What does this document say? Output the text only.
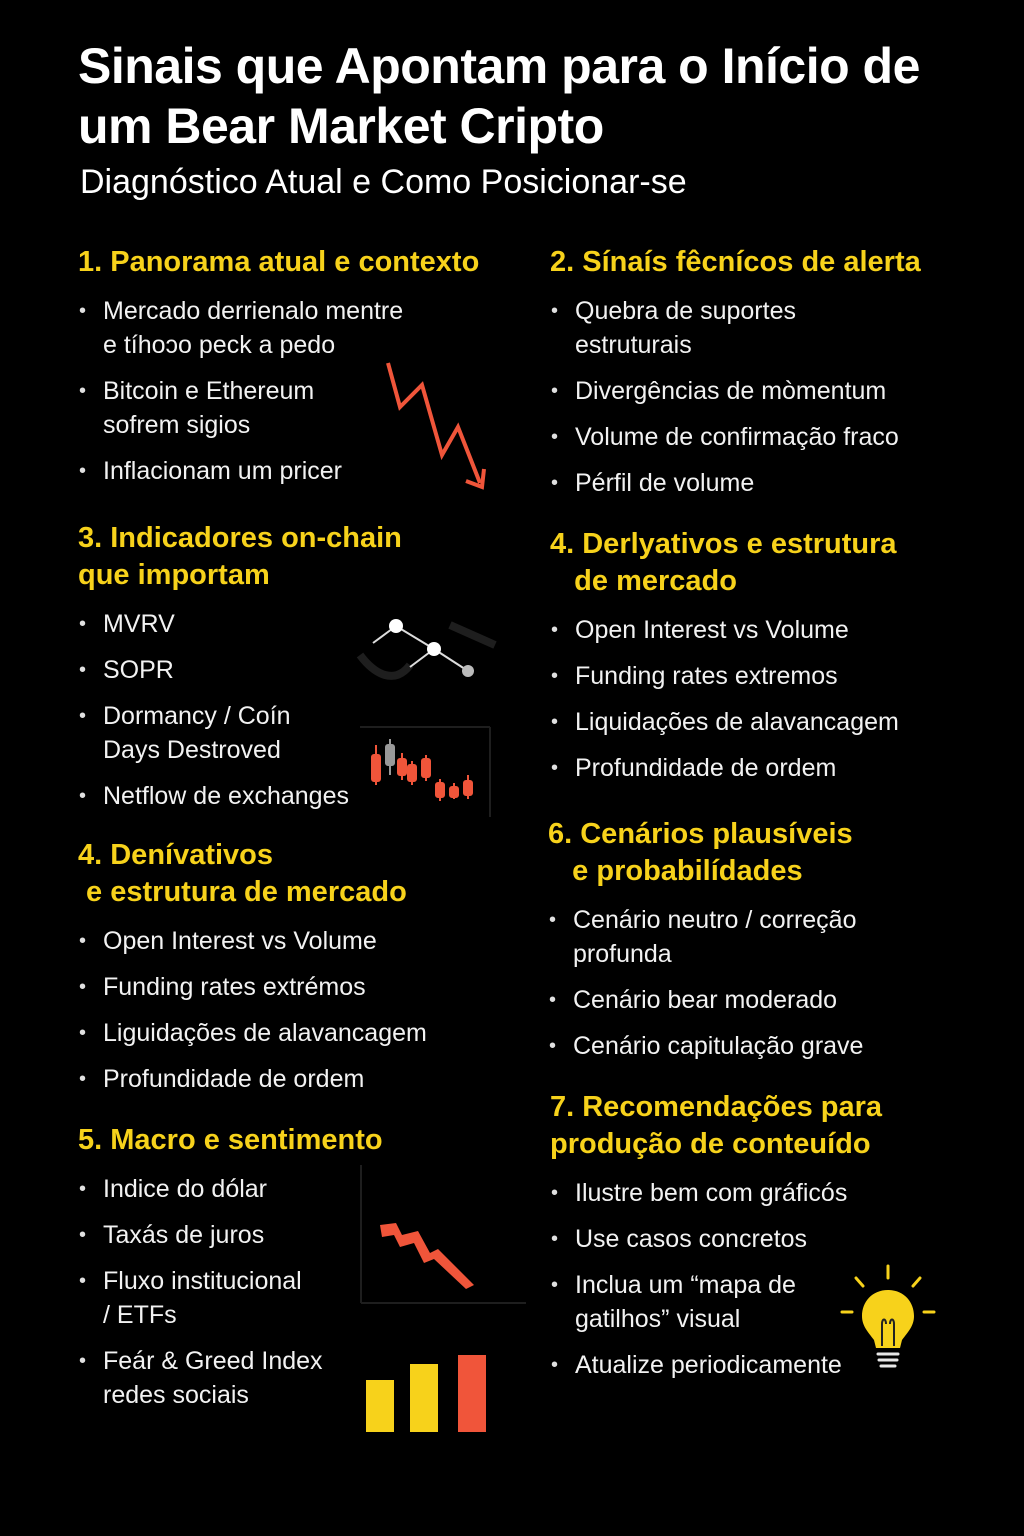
Sinais que Apontam para o Início de
um Bear Market Cripto
Diagnóstico Atual e Como Posicionar-se
1. Panorama atual e contexto
• Mercado derrienalo mentre
e tíhoɔo peck a pedo
• Bitcoin e Ethereum
sofrem sigios
• Inflacionam um pricer
2. Sínaís fêcnícos de alerta
• Quebra de suportes
estruturais
• Divergências de mòmentum
• Volume de confirmação fraco
• Pérfil de volume
3. Indicadores on-chain
que importam
• MVRV
• SOPR
• Dormancy / Coín
Days Destroved
• Netflow de exchanges
4. Derlyativos e estrutura
de mercado
• Open Interest vs Volume
• Funding rates extremos
• Liquidações de alavancagem
• Profundidade de ordem
4. Denívativos
e estrutura de mercado
• Open Interest vs Volume
• Funding rates extrémos
• Liguidações de alavancagem
• Profundidade de ordem
6. Cenários plausíveis
e probabilídades
• Cenário neutro / correção
profunda
• Cenário bear moderado
• Cenário capitulação grave
5. Macro e sentimento
• Indice do dólar
• Taxás de juros
• Fluxo institucional
/ ETFs
• Feár & Greed Index
redes sociais
7. Recomendações para
produção de conteuído
• Ilustre bem com gráficós
• Use casos concretos
• Inclua um “mapa de
gatilhos” visual
• Atualize periodicamente
